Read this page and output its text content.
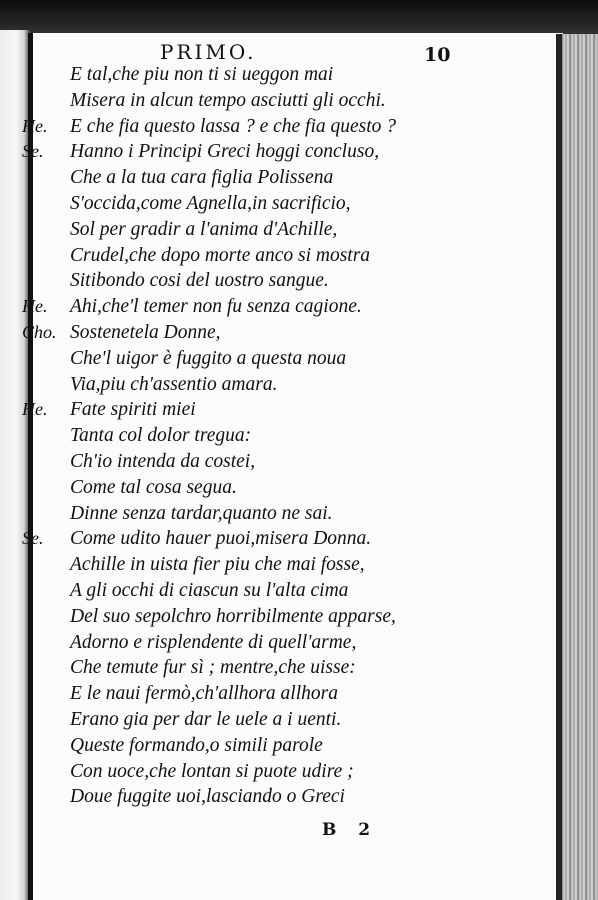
PRIMO.	10
E tal,che piu non ti si ueggon mai
Misera in alcun tempo asciutti gli occhi.
He. E che fia questo lassa ? e che fia questo ?
Se. Hanno i Principi Greci hoggi concluso,
Che a la tua cara figlia Polissena
S'occida,come Agnella,in sacrificio,
Sol per gradir a l'anima d'Achille,
Crudel,che dopo morte anco si mostra
Sitibondo cosi del uostro sangue.
He. Ahi,che'l temer non fu senza cagione.
Cho. Sostenetela Donne,
Che'l uigor è fuggito a questa noua
Via,piu ch'assentio amara.
He. Fate spiriti miei
Tanta col dolor tregua:
Ch'io intenda da costei,
Come tal cosa segua.
Dinne senza tardar,quanto ne sai.
Se. Come udito hauer puoi,misera Donna.
Achille in uista fier piu che mai fosse,
A gli occhi di ciascun su l'alta cima
Del suo sepolchro horribilmente apparse,
Adorno e risplendente di quell'arme,
Che temute fur sì ; mentre,che uisse:
E le naui fermò,ch'allhora allhora
Erano gia per dar le uele a i uenti.
Queste formando,o simili parole
Con uoce,che lontan si puote udire ;
Doue fuggite uoi,lasciando o Greci
B 2
